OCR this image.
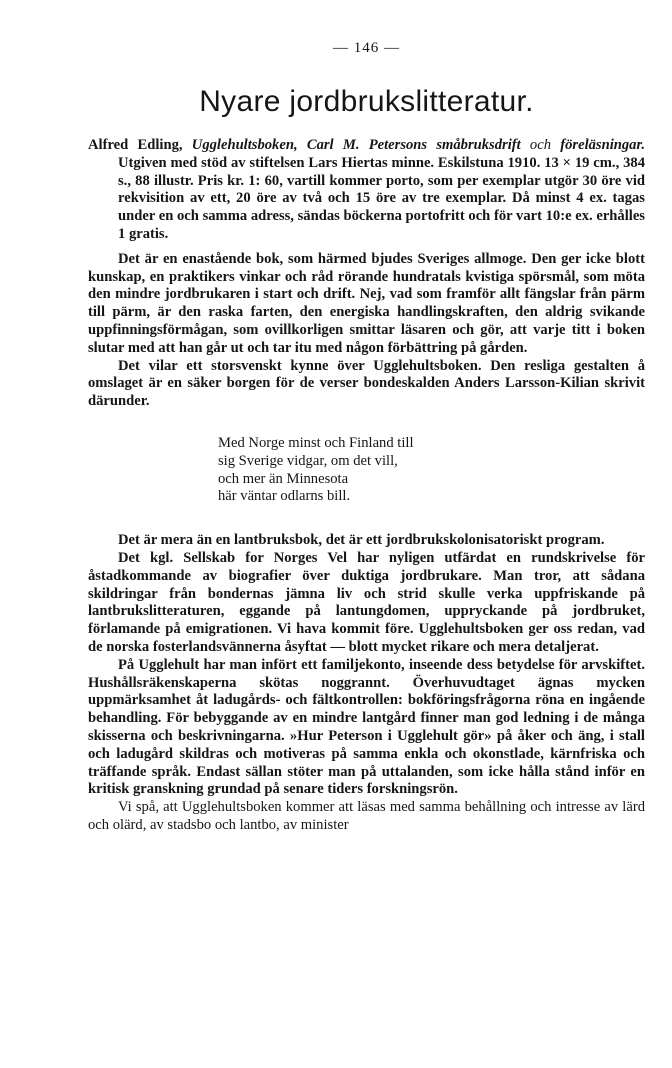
— 146 —
Nyare jordbrukslitteratur.

Alfred Edling, Ugglehultsboken, Carl M. Petersons småbruksdrift och föreläsningar. Utgiven med stöd av stiftelsen Lars Hiertas minne. Eskilstuna 1910. 13 × 19 cm., 384 s., 88 illustr. Pris kr. 1: 60, vartill kommer porto, som per exemplar utgör 30 öre vid rekvisition av ett, 20 öre av två och 15 öre av tre exemplar. Då minst 4 ex. tagas under en och samma adress, sändas böckerna portofritt och för vart 10:e ex. erhålles 1 gratis.

Det är en enastående bok, som härmed bjudes Sveriges allmoge. Den ger icke blott kunskap, en praktikers vinkar och råd rörande hundratals kvistiga spörsmål, som möta den mindre jordbrukaren i start och drift. Nej, vad som framför allt fängslar från pärm till pärm, är den raska farten, den energiska handlingskraften, den aldrig svikande uppfinningsförmågan, som ovillkorligen smittar läsaren och gör, att varje titt i boken slutar med att han går ut och tar itu med någon förbättring på gården.

Det vilar ett storsvenskt kynne över Ugglehultsboken. Den resliga gestalten å omslaget är en säker borgen för de verser bondeskalden Anders Larsson-Kilian skrivit därunder.

Med Norge minst och Finland till
sig Sverige vidgar, om det vill,
och mer än Minnesota
här väntar odlarns bill.

Det är mera än en lantbruksbok, det är ett jordbrukskolonisatoriskt program.

Det kgl. Sellskab for Norges Vel har nyligen utfärdat en rundskrivelse för åstadkommande av biografier över duktiga jordbrukare. Man tror, att sådana skildringar från bondernas jämna liv och strid skulle verka uppfriskande på lantbrukslitteraturen, eggande på lantungdomen, uppryckande på jordbruket, förlamande på emigrationen. Vi hava kommit före. Ugglehultsboken ger oss redan, vad de norska fosterlandsvännerna åsyftat — blott mycket rikare och mera detaljerat.

På Ugglehult har man infört ett familjekonto, inseende dess betydelse för arvskiftet. Hushållsräkenskaperna skötas noggrannt. Överhuvudtaget ägnas mycken uppmärksamhet åt ladugårds- och fältkontrollen: bokföringsfrågorna röna en ingående behandling. För bebyggande av en mindre lantgård finner man god ledning i de många skisserna och beskrivningarna. »Hur Peterson i Ugglehult gör» på åker och äng, i stall och ladugård skildras och motiveras på samma enkla och okonstlade, kärnfriska och träffande språk. Endast sällan stöter man på uttalanden, som icke hålla stånd inför en kritisk granskning grundad på senare tiders forskningsrön.

Vi spå, att Ugglehultsboken kommer att läsas med samma behållning och intresse av lärd och olärd, av stadsbo och lantbo, av minister
